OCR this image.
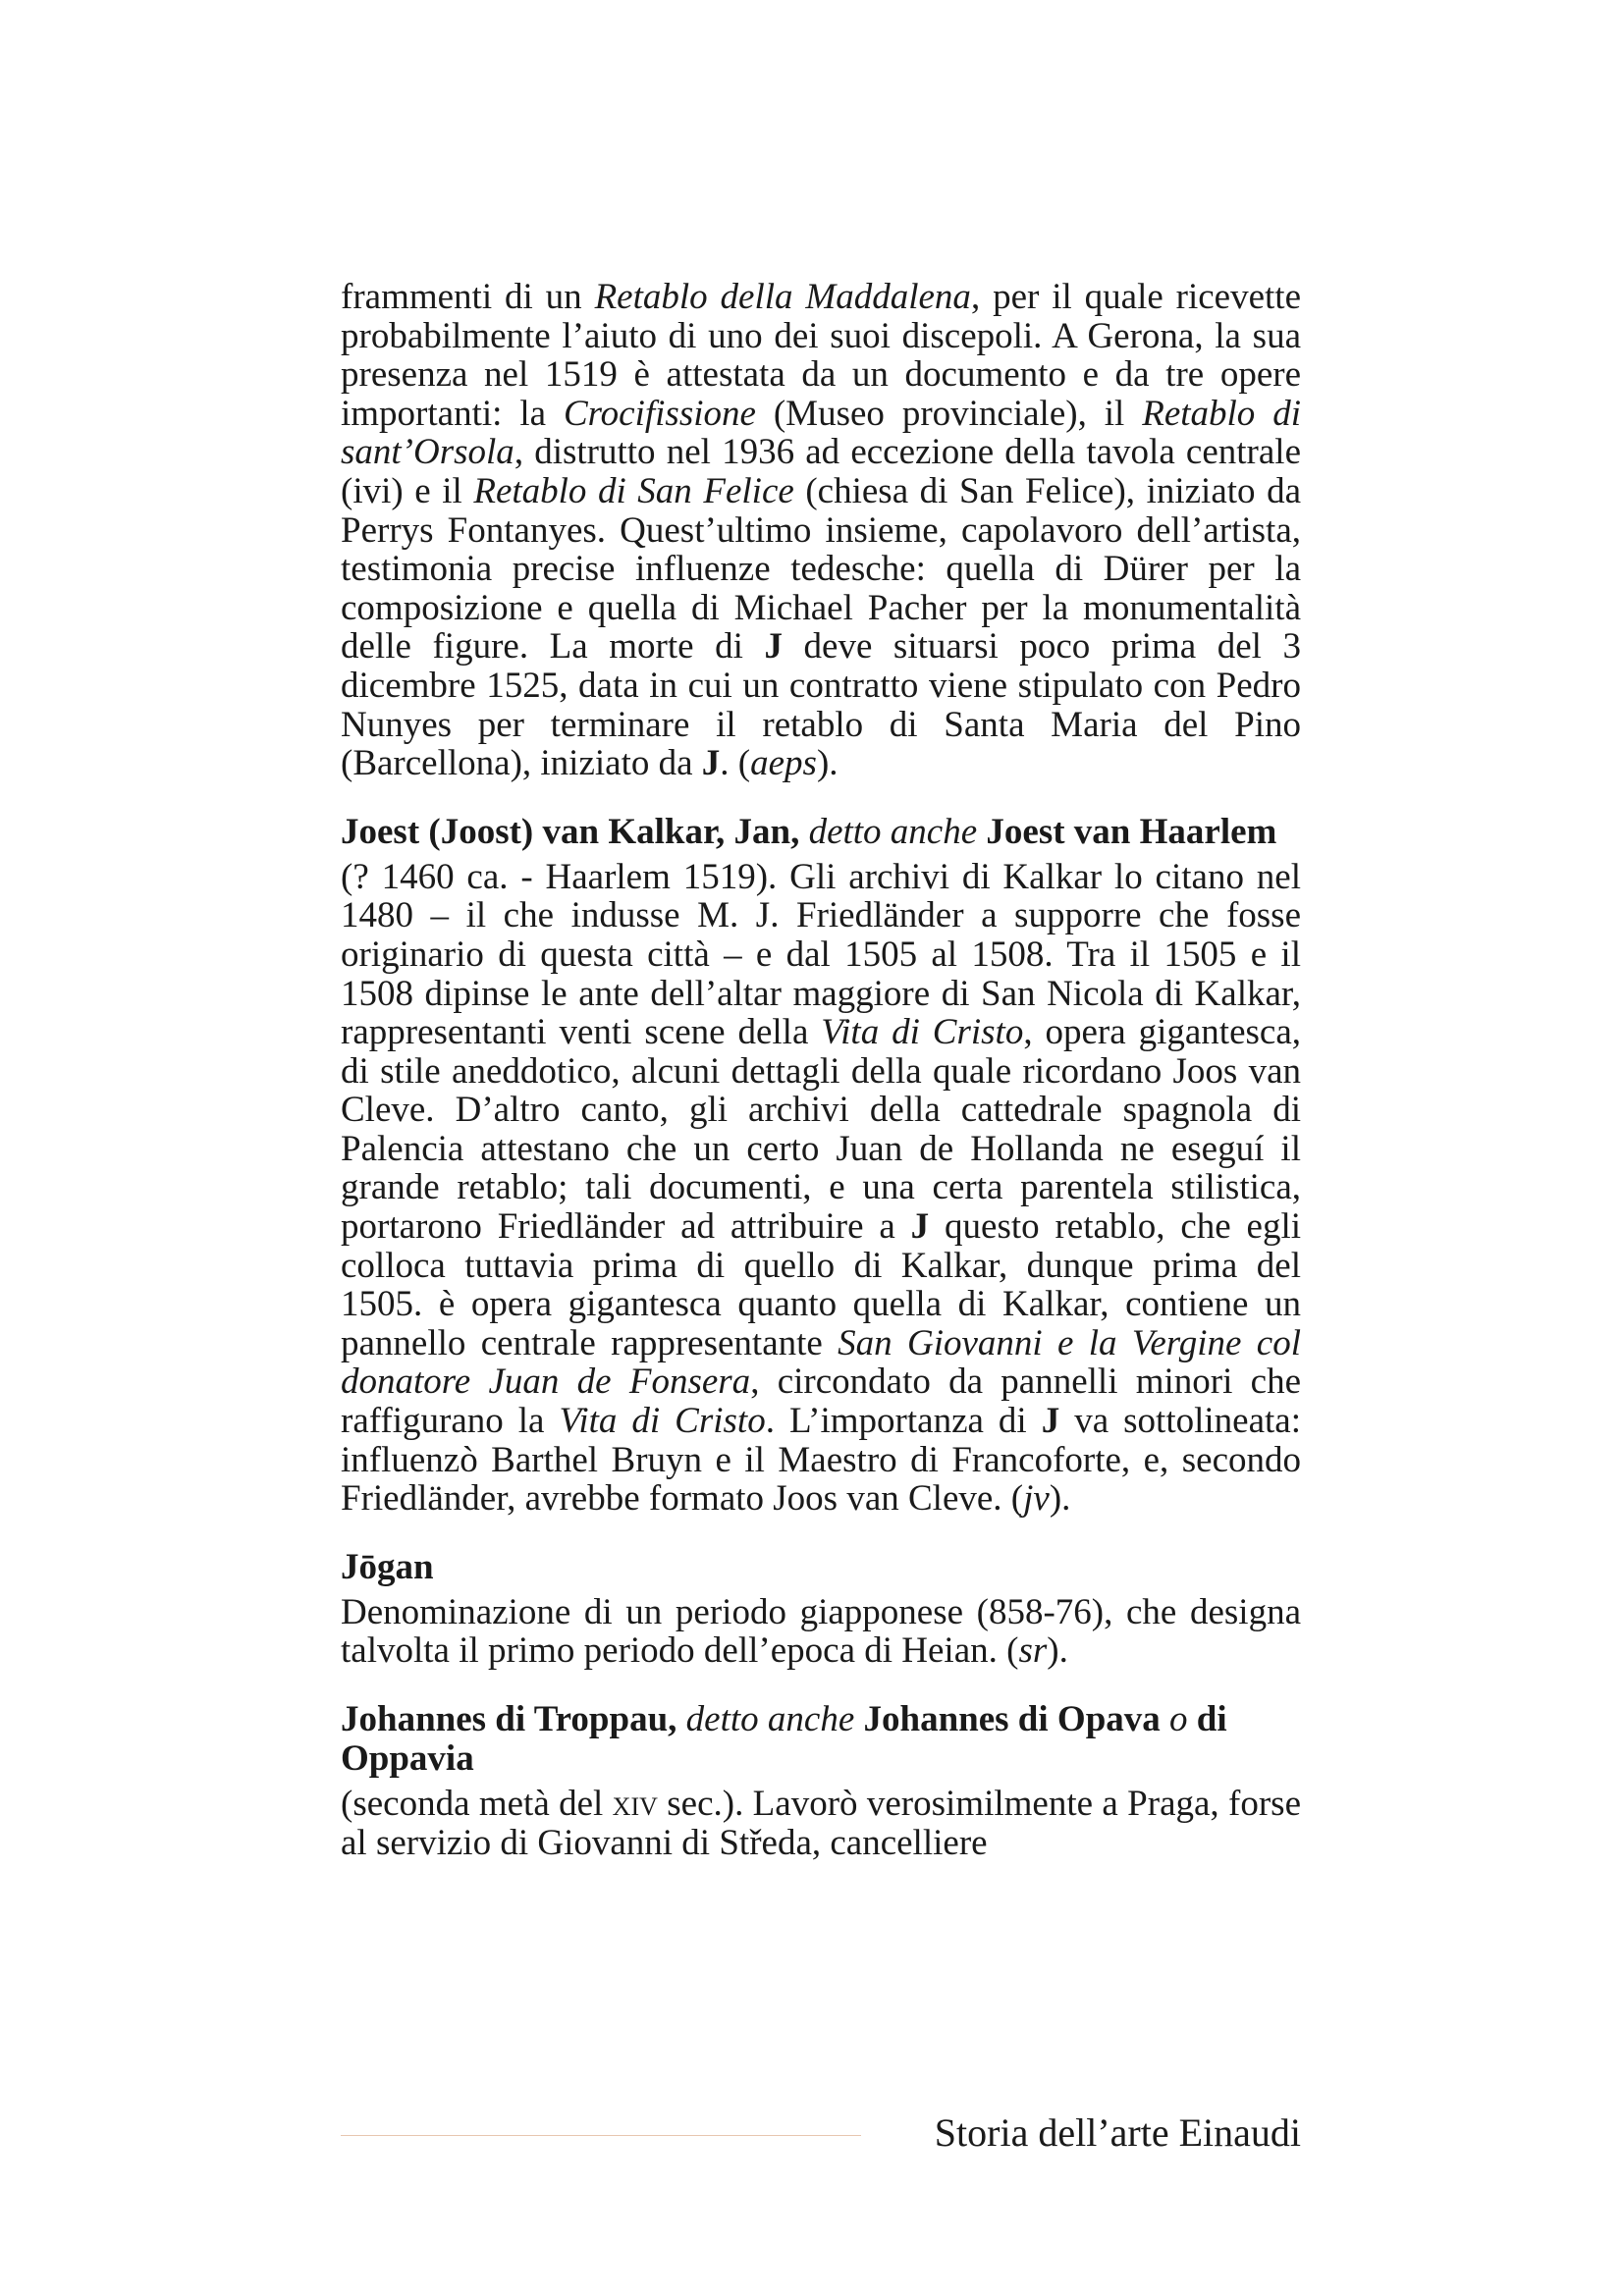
frammenti di un Retablo della Maddalena, per il quale ricevette probabilmente l’aiuto di uno dei suoi discepoli. A Gerona, la sua presenza nel 1519 è attestata da un documento e da tre opere importanti: la Crocifissione (Museo provinciale), il Retablo di sant’Orsola, distrutto nel 1936 ad eccezione della tavola centrale (ivi) e il Retablo di San Felice (chiesa di San Felice), iniziato da Perrys Fontanyes. Quest’ultimo insieme, capolavoro dell’artista, testimonia precise influenze tedesche: quella di Dürer per la composizione e quella di Michael Pacher per la monumentalità delle figure. La morte di J deve situarsi poco prima del 3 dicembre 1525, data in cui un contratto viene stipulato con Pedro Nunyes per terminare il retablo di Santa Maria del Pino (Barcellona), iniziato da J. (aeps).

Joest (Joost) van Kalkar, Jan, detto anche Joest van Haarlem

(? 1460 ca. - Haarlem 1519). Gli archivi di Kalkar lo citano nel 1480 – il che indusse M. J. Friedländer a supporre che fosse originario di questa città – e dal 1505 al 1508. Tra il 1505 e il 1508 dipinse le ante dell’altar maggiore di San Nicola di Kalkar, rappresentanti venti scene della Vita di Cristo, opera gigantesca, di stile aneddotico, alcuni dettagli della quale ricordano Joos van Cleve. D’altro canto, gli archivi della cattedrale spagnola di Palencia attestano che un certo Juan de Hollanda ne eseguí il grande retablo; tali documenti, e una certa parentela stilistica, portarono Friedländer ad attribuire a J questo retablo, che egli colloca tuttavia prima di quello di Kalkar, dunque prima del 1505. è opera gigantesca quanto quella di Kalkar, contiene un pannello centrale rappresentante San Giovanni e la Vergine col donatore Juan de Fonsera, circondato da pannelli minori che raffigurano la Vita di Cristo. L’importanza di J va sottolineata: influenzò Barthel Bruyn e il Maestro di Francoforte, e, secondo Friedländer, avrebbe formato Joos van Cleve. (jv).

Jōgan

Denominazione di un periodo giapponese (858-76), che designa talvolta il primo periodo dell’epoca di Heian. (sr).

Johannes di Troppau, detto anche Johannes di Opava o di Oppavia

(seconda metà del xiv sec.). Lavorò verosimilmente a Praga, forse al servizio di Giovanni di Středa, cancelliere

Storia dell’arte Einaudi
